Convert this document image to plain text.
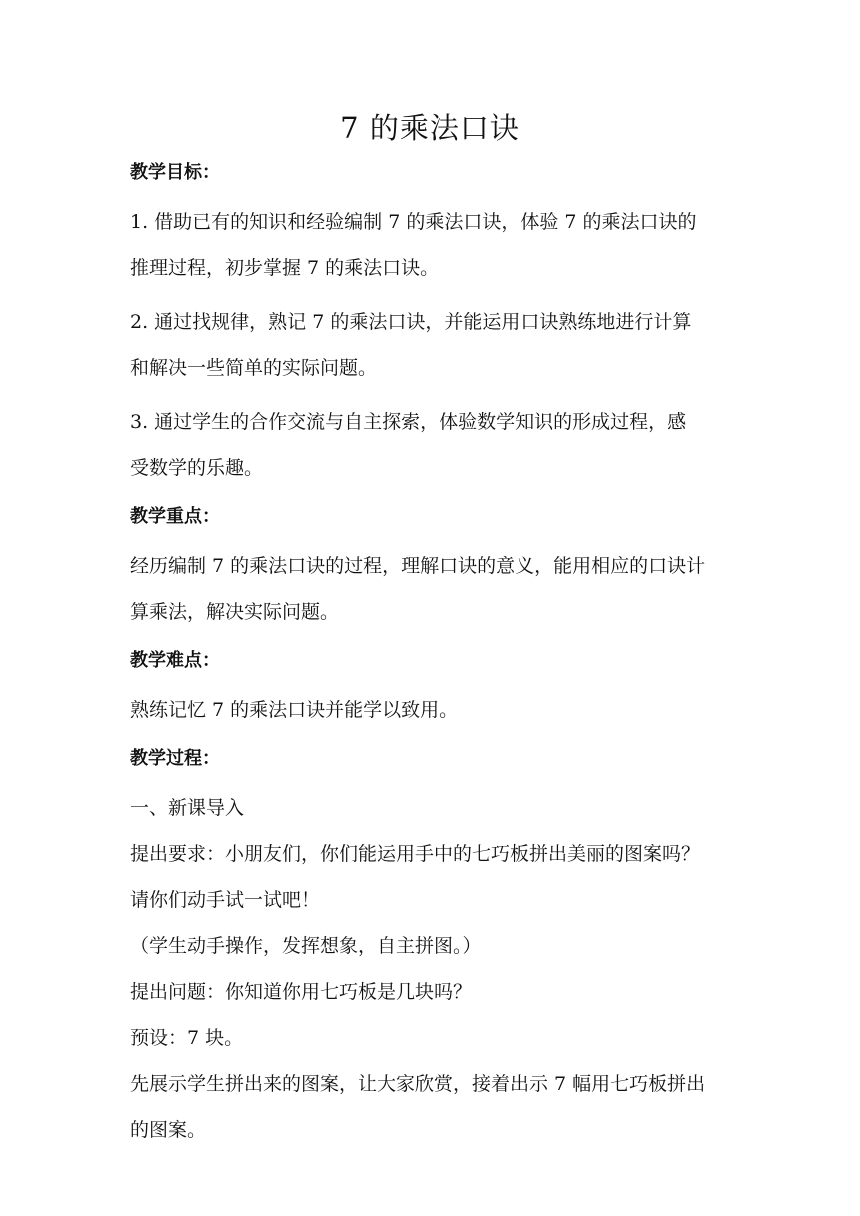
7 的乘法口诀
教学目标：
1. 借助已有的知识和经验编制 7 的乘法口诀，体验 7 的乘法口诀的
推理过程，初步掌握 7 的乘法口诀。
2. 通过找规律，熟记 7 的乘法口诀，并能运用口诀熟练地进行计算
和解决一些简单的实际问题。
3. 通过学生的合作交流与自主探索，体验数学知识的形成过程，感
受数学的乐趣。
教学重点：
经历编制 7 的乘法口诀的过程，理解口诀的意义，能用相应的口诀计
算乘法，解决实际问题。
教学难点：
熟练记忆 7 的乘法口诀并能学以致用。
教学过程：
一、新课导入
提出要求：小朋友们，你们能运用手中的七巧板拼出美丽的图案吗？
请你们动手试一试吧！
（学生动手操作，发挥想象，自主拼图。）
提出问题：你知道你用七巧板是几块吗？
预设：7 块。
先展示学生拼出来的图案，让大家欣赏，接着出示 7 幅用七巧板拼出
的图案。
